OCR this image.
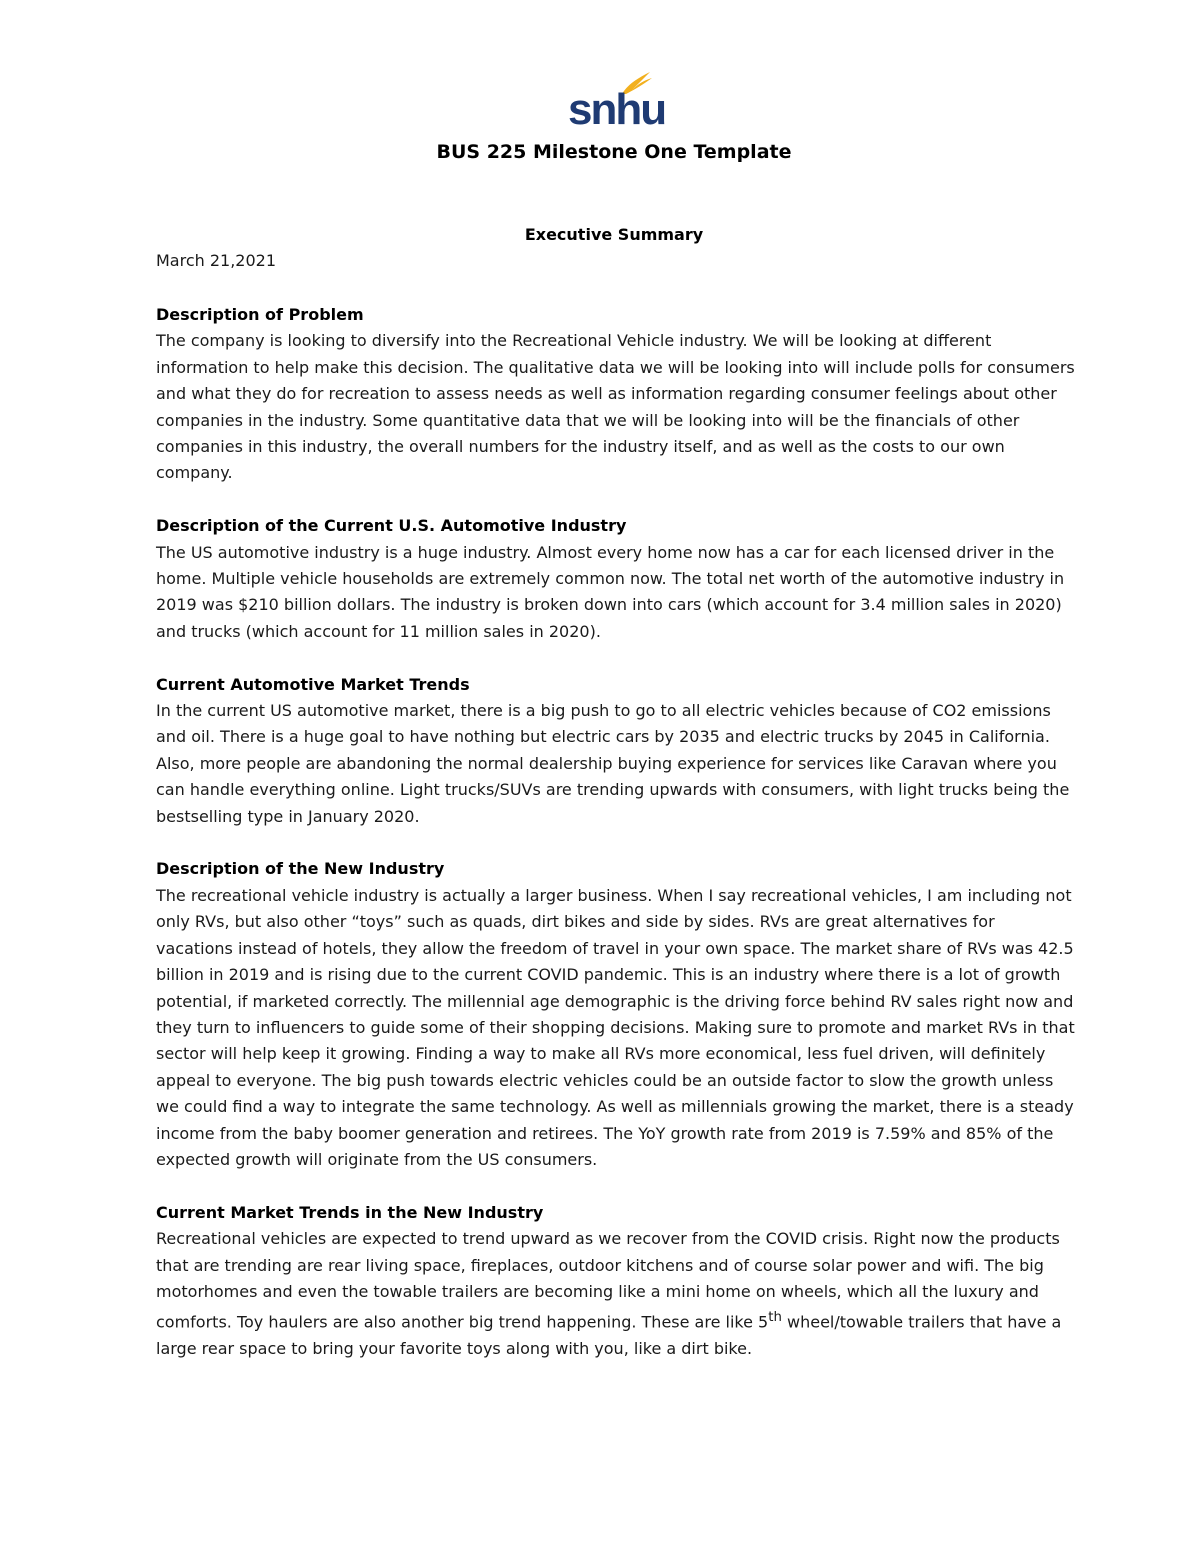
snhu
BUS 225 Milestone One Template
Executive Summary
March 21,2021
Description of Problem

The company is looking to diversify into the Recreational Vehicle industry. We will be looking at different information to help make this decision. The qualitative data we will be looking into will include polls for consumers and what they do for recreation to assess needs as well as information regarding consumer feelings about other companies in the industry. Some quantitative data that we will be looking into will be the financials of other companies in this industry, the overall numbers for the industry itself, and as well as the costs to our own company.

Description of the Current U.S. Automotive Industry

The US automotive industry is a huge industry. Almost every home now has a car for each licensed driver in the home. Multiple vehicle households are extremely common now. The total net worth of the automotive industry in 2019 was $210 billion dollars. The industry is broken down into cars (which account for 3.4 million sales in 2020) and trucks (which account for 11 million sales in 2020).

Current Automotive Market Trends

In the current US automotive market, there is a big push to go to all electric vehicles because of CO2 emissions and oil. There is a huge goal to have nothing but electric cars by 2035 and electric trucks by 2045 in California. Also, more people are abandoning the normal dealership buying experience for services like Caravan where you can handle everything online. Light trucks/SUVs are trending upwards with consumers, with light trucks being the bestselling type in January 2020.

Description of the New Industry

The recreational vehicle industry is actually a larger business. When I say recreational vehicles, I am including not only RVs, but also other “toys” such as quads, dirt bikes and side by sides. RVs are great alternatives for vacations instead of hotels, they allow the freedom of travel in your own space. The market share of RVs was 42.5 billion in 2019 and is rising due to the current COVID pandemic. This is an industry where there is a lot of growth potential, if marketed correctly. The millennial age demographic is the driving force behind RV sales right now and they turn to influencers to guide some of their shopping decisions. Making sure to promote and market RVs in that sector will help keep it growing. Finding a way to make all RVs more economical, less fuel driven, will definitely appeal to everyone. The big push towards electric vehicles could be an outside factor to slow the growth unless we could find a way to integrate the same technology. As well as millennials growing the market, there is a steady income from the baby boomer generation and retirees. The YoY growth rate from 2019 is 7.59% and 85% of the expected growth will originate from the US consumers.

Current Market Trends in the New Industry

Recreational vehicles are expected to trend upward as we recover from the COVID crisis. Right now the products that are trending are rear living space, fireplaces, outdoor kitchens and of course solar power and wifi. The big motorhomes and even the towable trailers are becoming like a mini home on wheels, which all the luxury and comforts. Toy haulers are also another big trend happening. These are like 5th wheel/towable trailers that have a large rear space to bring your favorite toys along with you, like a dirt bike.
